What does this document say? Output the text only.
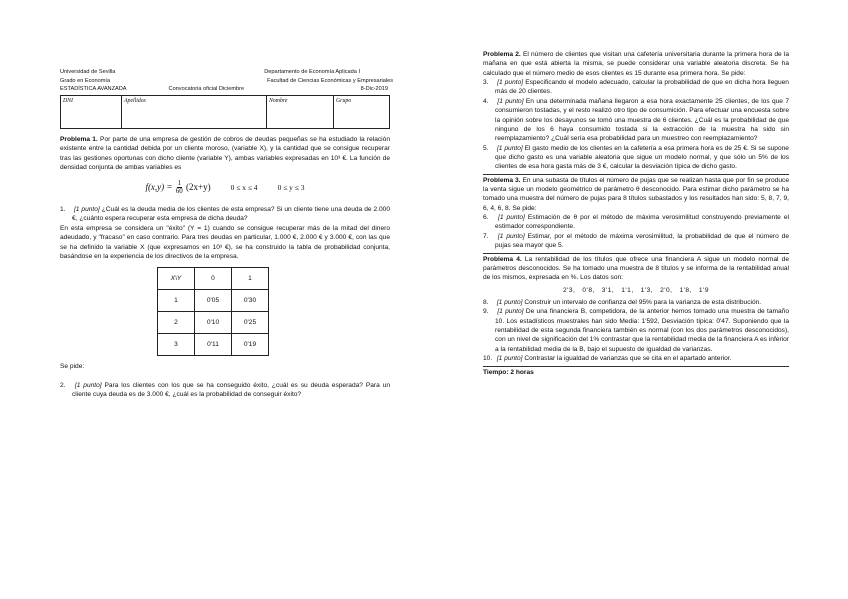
Universidad de Sevilla	Departamento de Economía Aplicada I
Grado en Economía	Facultad de Ciencias Económicas y Empresariales
ESTADÍSTICA AVANZADA	Convocatoria oficial Diciembre	8-Dic-2019
DNI	Apellidos	Nombre	Grupo

Problema 1. Por parte de una empresa de gestión de cobros de deudas pequeñas se ha estudiado la relación existente entre la cantidad debida por un cliente moroso, (variable X), y la cantidad que se consigue recuperar tras las gestiones oportunas con dicho cliente (variable Y), ambas variables expresadas en 10³ €. La función de densidad conjunta de ambas variables es

$f(x,y) = \frac{1}{60} (2x+y)$	0 ≤ x ≤ 4	0 ≤ y ≤ 3
1. [1 punto] ¿Cuál es la deuda media de los clientes de esta empresa? Si un cliente tiene una deuda de 2.000 €, ¿cuánto espera recuperar esta empresa de dicha deuda?

En esta empresa se considera un "éxito" (Y = 1) cuando se consigue recuperar más de la mitad del dinero adeudado, y "fracaso" en caso contrario. Para tres deudas en particular, 1.000 €, 2.000 € y 3.000 €, con las que se ha definido la variable X (que expresamos en 10³ €), se ha construido la tabla de probabilidad conjunta, basándose en la experiencia de los directivos de la empresa.

X\Y	0	1
1	0'05	0'30
2	0'10	0'25
3	0'11	0'19

Se pide:

2. [1 punto] Para los clientes con los que se ha conseguido éxito, ¿cuál es su deuda esperada? Para un cliente cuya deuda es de 3.000 €, ¿cuál es la probabilidad de conseguir éxito?

Problema 2. El número de clientes que visitan una cafetería universitaria durante la primera hora de la mañana en que está abierta la misma, se puede considerar una variable aleatoria discreta. Se ha calculado que el número medio de esos clientes es 15 durante esa primera hora. Se pide:

3. [1 punto] Especificando el modelo adecuado, calcular la probabilidad de que en dicha hora lleguen más de 20 clientes.
4. [1 punto] En una determinada mañana llegaron a esa hora exactamente 25 clientes, de los que 7 consumieron tostadas, y el resto realizó otro tipo de consumición. Para efectuar una encuesta sobre la opinión sobre los desayunos se tomó una muestra de 6 clientes. ¿Cuál es la probabilidad de que ninguno de los 6 haya consumido tostada si la extracción de la muestra ha sido sin reemplazamiento? ¿Cuál sería esa probabilidad para un muestreo con reemplazamiento?
5. [1 punto] El gasto medio de los clientes en la cafetería a esa primera hora es de 25 €. Si se supone que dicho gasto es una variable aleatoria que sigue un modelo normal, y que sólo un 5% de los clientes de esa hora gasta más de 3 €, calcular la desviación típica de dicho gasto.

Problema 3. En una subasta de títulos el número de pujas que se realizan hasta que por fin se produce la venta sigue un modelo geométrico de parámetro θ desconocido. Para estimar dicho parámetro se ha tomado una muestra del número de pujas para 8 títulos subastados y los resultados han sido: 5, 8, 7, 9, 6, 4, 6, 8. Se pide:

6. [1 punto] Estimación de θ por el método de máxima verosimilitud construyendo previamente el estimador correspondiente.
7. [1 punto] Estimar, por el método de máxima verosimilitud, la probabilidad de que el número de pujas sea mayor que 5.

Problema 4. La rentabilidad de los títulos que ofrece una financiera A sigue un modelo normal de parámetros desconocidos. Se ha tomado una muestra de 8 títulos y se informa de la rentabilidad anual de los mismos, expresada en %. Los datos son:

2'3,   0'8,   3'1,   1'1,   1'3,   2'0,   1'8,   1'9
8. [1 punto] Construir un intervalo de confianza del 95% para la varianza de esta distribución.
9. [1 punto] De una financiera B, competidora, de la anterior hemos tomado una muestra de tamaño 10. Los estadísticos muestrales han sido Media: 1'592, Desviación típica: 0'47. Suponiendo que la rentabilidad de esta segunda financiera también es normal (con los dos parámetros desconocidos), con un nivel de significación del 1% contrastar que la rentabilidad media de la financiera A es inferior a la rentabilidad media de la B, bajo el supuesto de igualdad de varianzas.
10. [1 punto] Contrastar la igualdad de varianzas que se cita en el apartado anterior.
Tiempo: 2 horas
